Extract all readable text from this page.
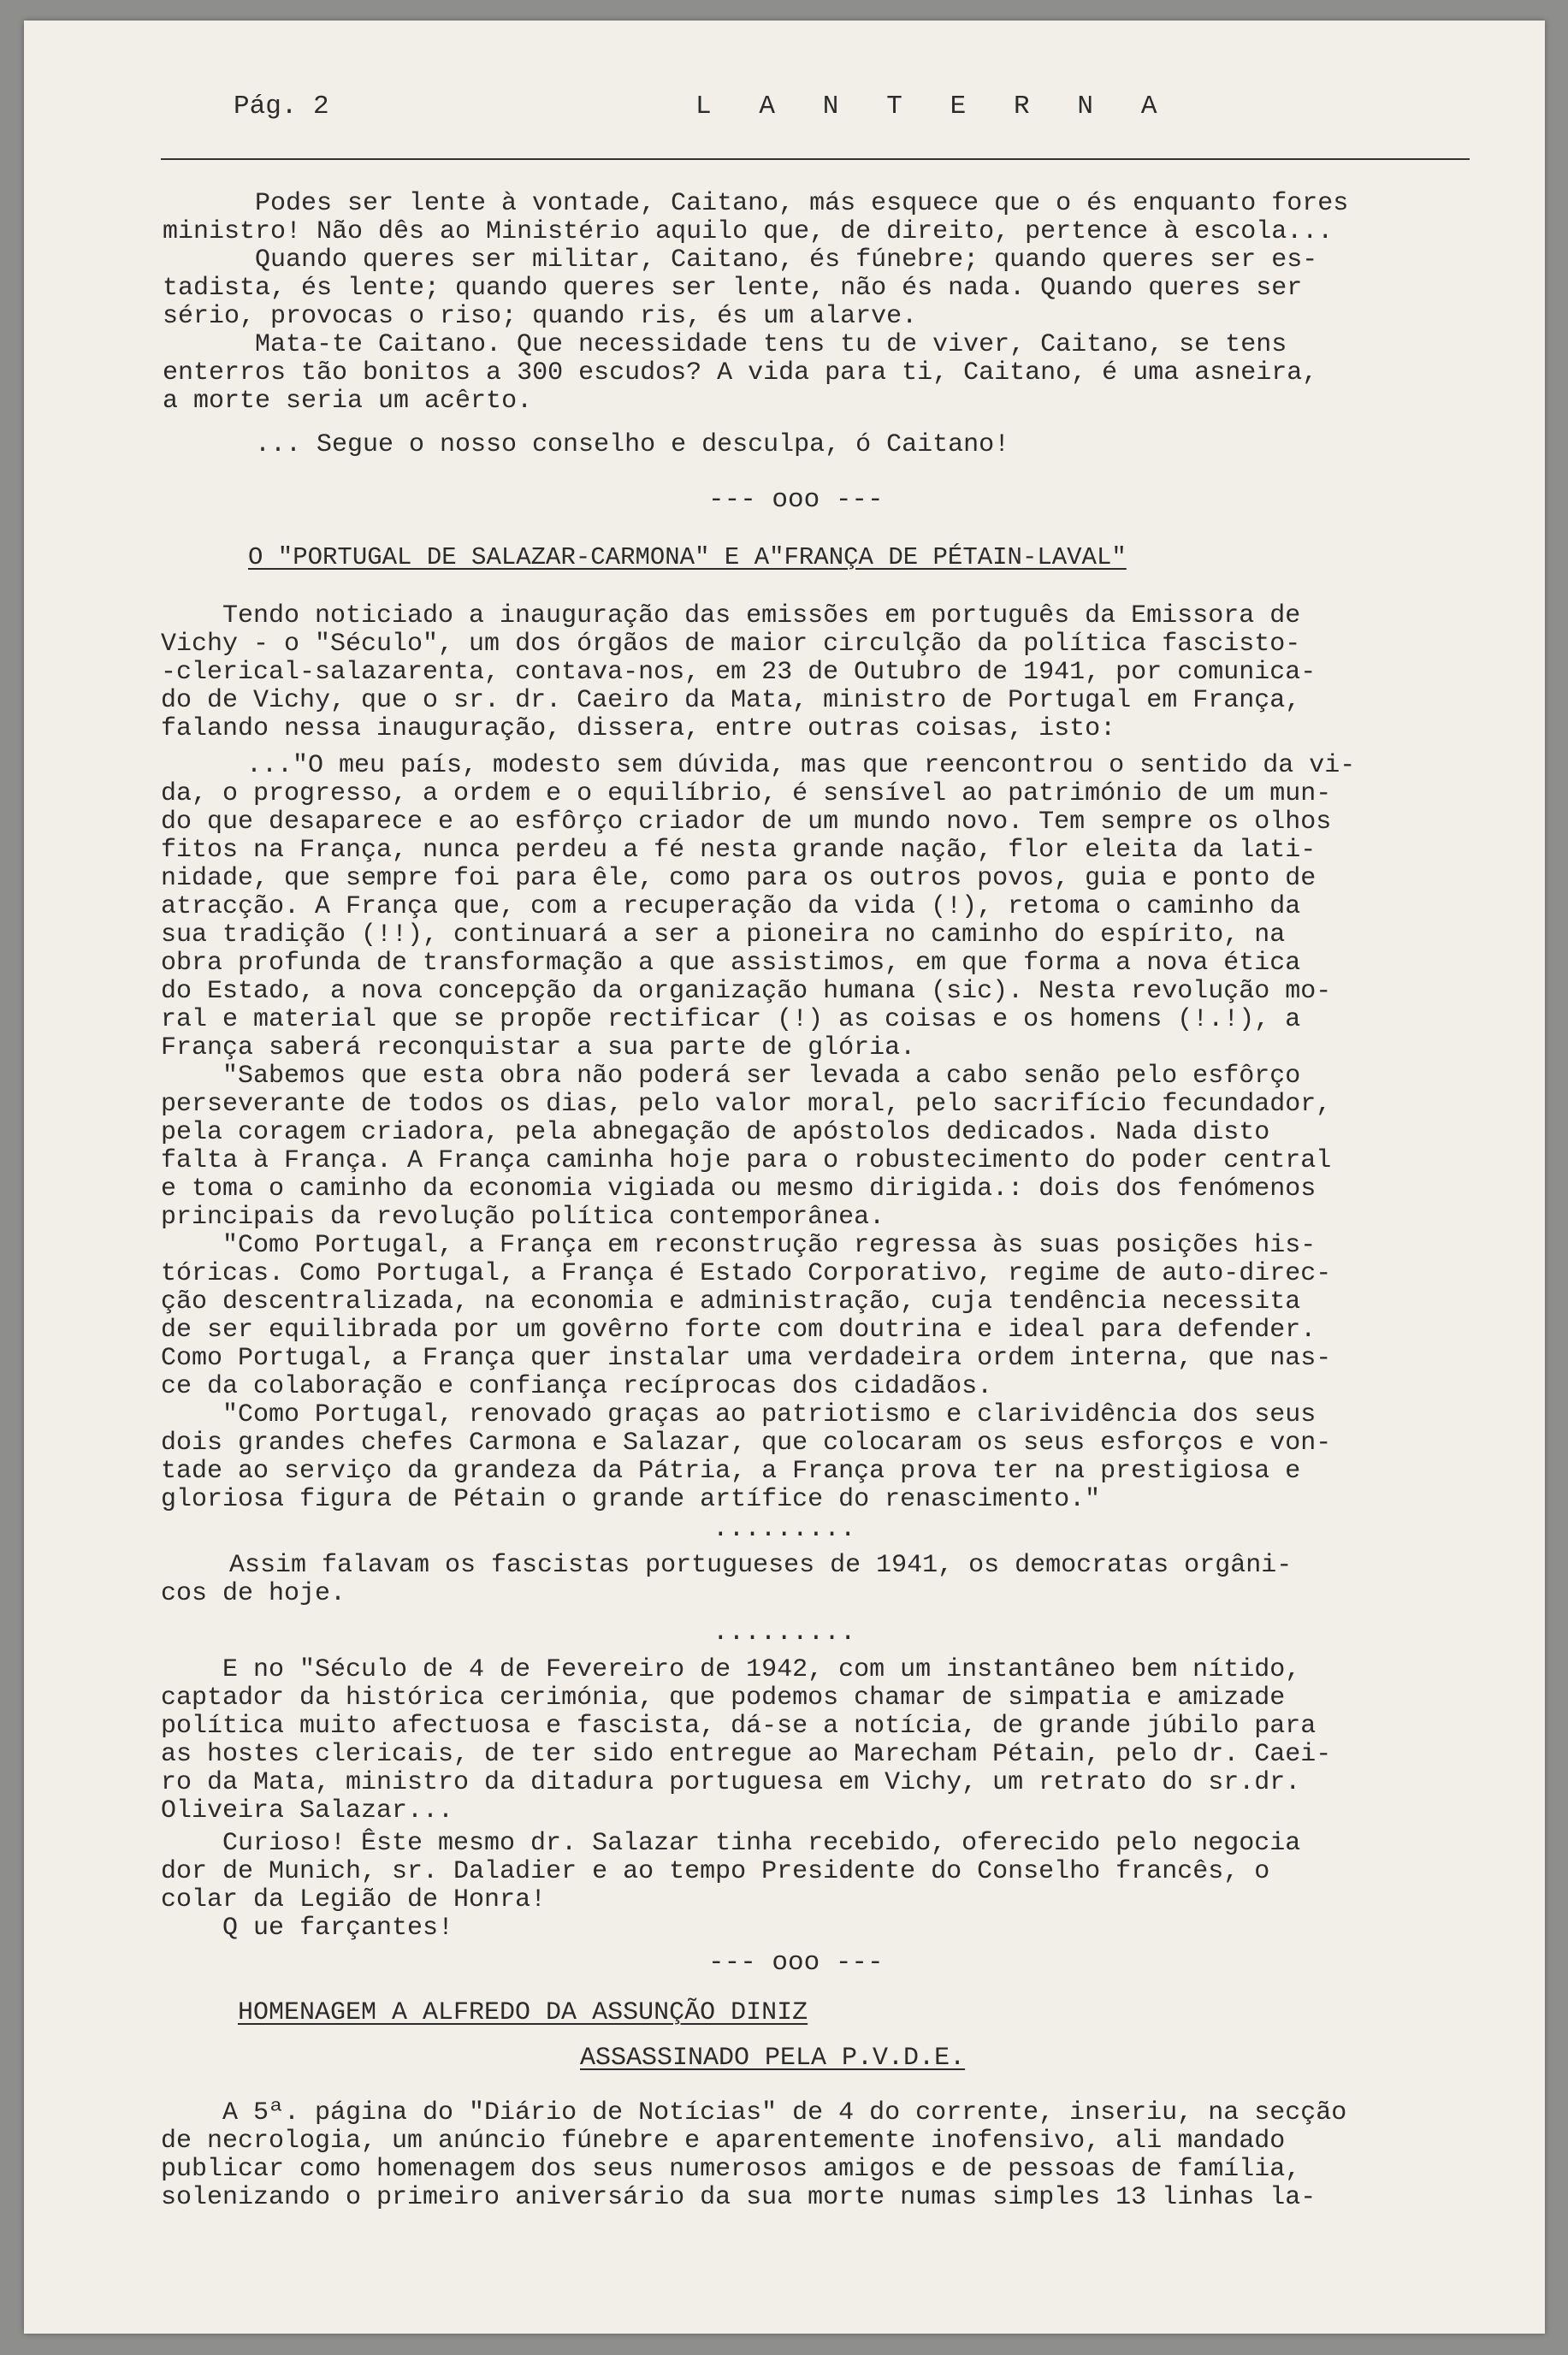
Pág. 2	L A N T E R N A
Podes ser lente à vontade, Caitano, más esquece que o és enquanto fores
ministro! Não dês ao Ministério aquilo que, de direito, pertence à escola...
Quando queres ser militar, Caitano, és fúnebre; quando queres ser es-
tadista, és lente; quando queres ser lente, não és nada. Quando queres ser
sério, provocas o riso; quando ris, és um alarve.
Mata-te Caitano. Que necessidade tens tu de viver, Caitano, se tens
enterros tão bonitos a 300 escudos? A vida para ti, Caitano, é uma asneira,
a morte seria um acêrto.
... Segue o nosso conselho e desculpa, ó Caitano!
--- ooo ---
O "PORTUGAL DE SALAZAR-CARMONA" E A"FRANÇA DE PÉTAIN-LAVAL"
Tendo noticiado a inauguração das emissões em português da Emissora de
Vichy - o "Século", um dos órgãos de maior circulção da política fascisto-
-clerical-salazarenta, contava-nos, em 23 de Outubro de 1941, por comunica-
do de Vichy, que o sr. dr. Caeiro da Mata, ministro de Portugal em França,
falando nessa inauguração, dissera, entre outras coisas, isto:
..."O meu país, modesto sem dúvida, mas que reencontrou o sentido da vi-
da, o progresso, a ordem e o equilíbrio, é sensível ao património de um mun-
do que desaparece e ao esfôrço criador de um mundo novo. Tem sempre os olhos
fitos na França, nunca perdeu a fé nesta grande nação, flor eleita da lati-
nidade, que sempre foi para êle, como para os outros povos, guia e ponto de
atracção. A França que, com a recuperação da vida (!), retoma o caminho da
sua tradição (!!), continuará a ser a pioneira no caminho do espírito, na
obra profunda de transformação a que assistimos, em que forma a nova ética
do Estado, a nova concepção da organização humana (sic). Nesta revolução mo-
ral e material que se propõe rectificar (!) as coisas e os homens (!.!), a
França saberá reconquistar a sua parte de glória.
"Sabemos que esta obra não poderá ser levada a cabo senão pelo esfôrço
perseverante de todos os dias, pelo valor moral, pelo sacrifício fecundador,
pela coragem criadora, pela abnegação de apóstolos dedicados. Nada disto
falta à França. A França caminha hoje para o robustecimento do poder central
e toma o caminho da economia vigiada ou mesmo dirigida.: dois dos fenómenos
principais da revolução política contemporânea.
"Como Portugal, a França em reconstrução regressa às suas posições his-
tóricas. Como Portugal, a França é Estado Corporativo, regime de auto-direc-
ção descentralizada, na economia e administração, cuja tendência necessita
de ser equilibrada por um govêrno forte com doutrina e ideal para defender.
Como Portugal, a França quer instalar uma verdadeira ordem interna, que nas-
ce da colaboração e confiança recíprocas dos cidadãos.
"Como Portugal, renovado graças ao patriotismo e clarividência dos seus
dois grandes chefes Carmona e Salazar, que colocaram os seus esforços e von-
tade ao serviço da grandeza da Pátria, a França prova ter na prestigiosa e
gloriosa figura de Pétain o grande artífice do renascimento."
.........
Assim falavam os fascistas portugueses de 1941, os democratas orgâni-
cos de hoje.
.........
E no "Século de 4 de Fevereiro de 1942, com um instantâneo bem nítido,
captador da histórica cerimónia, que podemos chamar de simpatia e amizade
política muito afectuosa e fascista, dá-se a notícia, de grande júbilo para
as hostes clericais, de ter sido entregue ao Marecham Pétain, pelo dr. Caei-
ro da Mata, ministro da ditadura portuguesa em Vichy, um retrato do sr.dr.
Oliveira Salazar...
Curioso! Êste mesmo dr. Salazar tinha recebido, oferecido pelo negocia
dor de Munich, sr. Daladier e ao tempo Presidente do Conselho francês, o
colar da Legião de Honra!
Q ue farçantes!
--- ooo ---
HOMENAGEM A ALFREDO DA ASSUNÇÃO DINIZ
ASSASSINADO PELA P.V.D.E.
A 5ª. página do "Diário de Notícias" de 4 do corrente, inseriu, na secção
de necrologia, um anúncio fúnebre e aparentemente inofensivo, ali mandado
publicar como homenagem dos seus numerosos amigos e de pessoas de família,
solenizando o primeiro aniversário da sua morte numas simples 13 linhas la-
